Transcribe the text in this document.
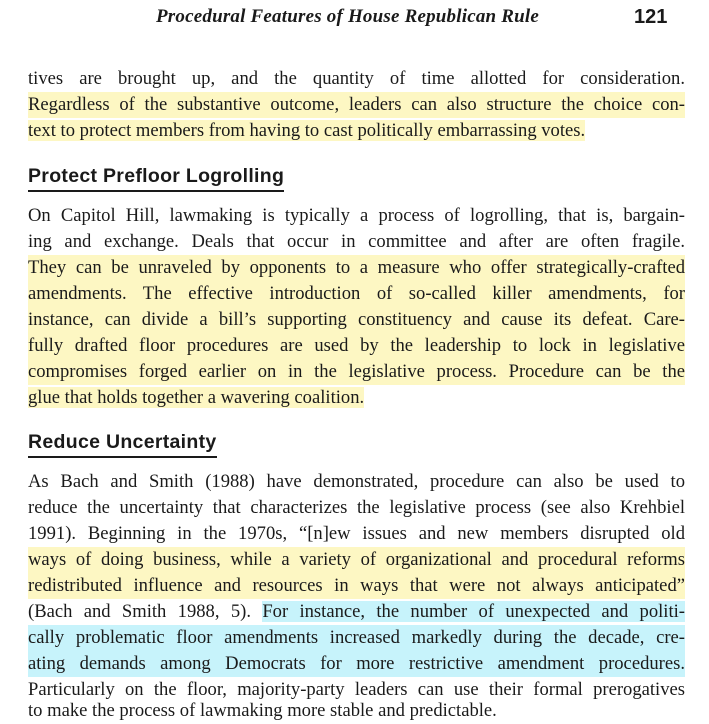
Procedural Features of House Republican Rule	121
tives are brought up, and the quantity of time allotted for consideration.
Regardless of the substantive outcome, leaders can also structure the choice con-
text to protect members from having to cast politically embarrassing votes.
Protect Prefloor Logrolling
On Capitol Hill, lawmaking is typically a process of logrolling, that is, bargain-
ing and exchange. Deals that occur in committee and after are often fragile.
They can be unraveled by opponents to a measure who offer strategically-crafted
amendments. The effective introduction of so-called killer amendments, for
instance, can divide a bill’s supporting constituency and cause its defeat. Care-
fully drafted floor procedures are used by the leadership to lock in legislative
compromises forged earlier on in the legislative process. Procedure can be the
glue that holds together a wavering coalition.
Reduce Uncertainty
As Bach and Smith (1988) have demonstrated, procedure can also be used to
reduce the uncertainty that characterizes the legislative process (see also Krehbiel
1991). Beginning in the 1970s, “[n]ew issues and new members disrupted old
ways of doing business, while a variety of organizational and procedural reforms
redistributed influence and resources in ways that were not always anticipated”
(Bach and Smith 1988, 5). For instance, the number of unexpected and politi-
cally problematic floor amendments increased markedly during the decade, cre-
ating demands among Democrats for more restrictive amendment procedures.
Particularly on the floor, majority-party leaders can use their formal prerogatives
to make the process of lawmaking more stable and predictable.
